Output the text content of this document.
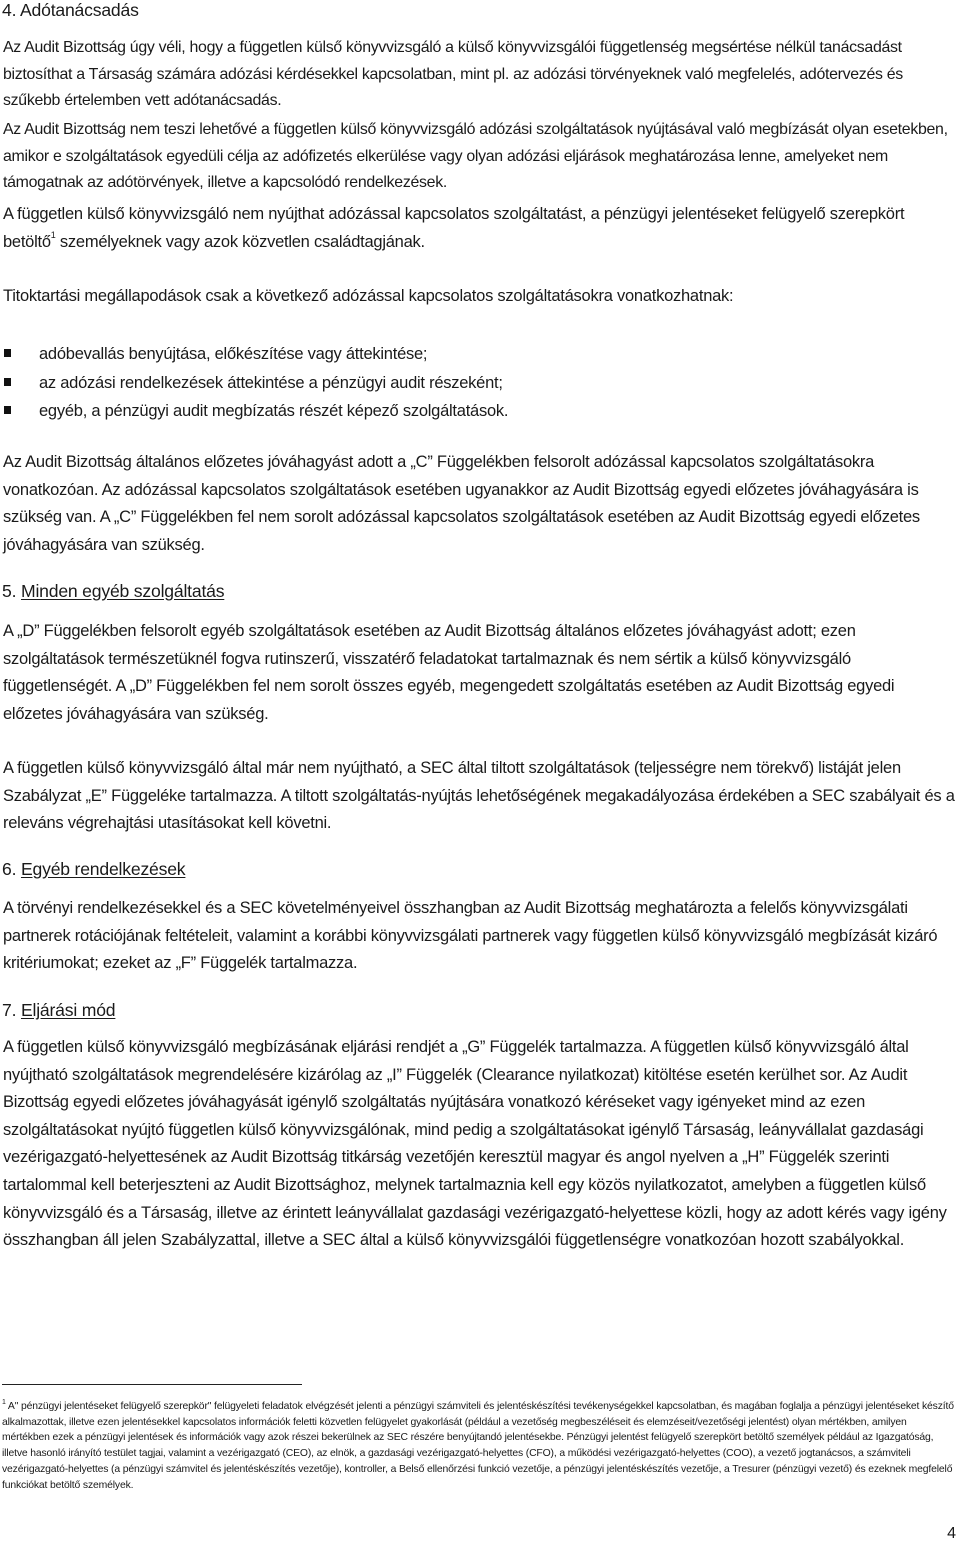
4. Adótanácsadás

Az Audit Bizottság úgy véli, hogy a független külső könyvvizsgáló a külső könyvvizsgálói függetlenség megsértése nélkül tanácsadást biztosíthat a Társaság számára adózási kérdésekkel kapcsolatban, mint pl. az adózási törvényeknek való megfelelés, adótervezés és szűkebb értelemben vett adótanácsadás.

Az Audit Bizottság nem teszi lehetővé a független külső könyvvizsgáló adózási szolgáltatások nyújtásával való megbízását olyan esetekben, amikor e szolgáltatások egyedüli célja az adófizetés elkerülése vagy olyan adózási eljárások meghatározása lenne, amelyeket nem támogatnak az adótörvények, illetve a kapcsolódó rendelkezések.

A független külső könyvvizsgáló nem nyújthat adózással kapcsolatos szolgáltatást, a pénzügyi jelentéseket felügyelő szerepkört betöltő$^1$ személyeknek vagy azok közvetlen családtagjának.

Titoktartási megállapodások csak a következő adózással kapcsolatos szolgáltatásokra vonatkozhatnak:

adóbevallás benyújtása, előkészítése vagy áttekintése;
az adózási rendelkezések áttekintése a pénzügyi audit részeként;
egyéb, a pénzügyi audit megbízatás részét képező szolgáltatások.

Az Audit Bizottság általános előzetes jóváhagyást adott a „C” Függelékben felsorolt adózással kapcsolatos szolgáltatásokra vonatkozóan. Az adózással kapcsolatos szolgáltatások esetében ugyanakkor az Audit Bizottság egyedi előzetes jóváhagyására is szükség van. A „C” Függelékben fel nem sorolt adózással kapcsolatos szolgáltatások esetében az Audit Bizottság egyedi előzetes jóváhagyására van szükség.

5. Minden egyéb szolgáltatás

A „D” Függelékben felsorolt egyéb szolgáltatások esetében az Audit Bizottság általános előzetes jóváhagyást adott; ezen szolgáltatások természetüknél fogva rutinszerű, visszatérő feladatokat tartalmaznak és nem sértik a külső könyvvizsgáló függetlenségét. A „D” Függelékben fel nem sorolt összes egyéb, megengedett szolgáltatás esetében az Audit Bizottság egyedi előzetes jóváhagyására van szükség.

A független külső könyvvizsgáló által már nem nyújtható, a SEC által tiltott szolgáltatások (teljességre nem törekvő) listáját jelen Szabályzat „E” Függeléke tartalmazza. A tiltott szolgáltatás-nyújtás lehetőségének megakadályozása érdekében a SEC szabályait és a releváns végrehajtási utasításokat kell követni.

6. Egyéb rendelkezések

A törvényi rendelkezésekkel és a SEC követelményeivel összhangban az Audit Bizottság meghatározta a felelős könyvvizsgálati partnerek rotációjának feltételeit, valamint a korábbi könyvvizsgálati partnerek vagy független külső könyvvizsgáló megbízását kizáró kritériumokat; ezeket az „F” Függelék tartalmazza.

7. Eljárási mód

A független külső könyvvizsgáló megbízásának eljárási rendjét a „G” Függelék tartalmazza. A független külső könyvvizsgáló által nyújtható szolgáltatások megrendelésére kizárólag az „I” Függelék (Clearance nyilatkozat) kitöltése esetén kerülhet sor. Az Audit Bizottság egyedi előzetes jóváhagyását igénylő szolgáltatás nyújtására vonatkozó kéréseket vagy igényeket mind az ezen szolgáltatásokat nyújtó független külső könyvvizsgálónak, mind pedig a szolgáltatásokat igénylő Társaság, leányvállalat gazdasági vezérigazgató-helyettesének az Audit Bizottság titkárság vezetőjén keresztül magyar és angol nyelven a „H” Függelék szerinti tartalommal kell beterjeszteni az Audit Bizottsághoz, melynek tartalmaznia kell egy közös nyilatkozatot, amelyben a független külső könyvvizsgáló és a Társaság, illetve az érintett leányvállalat gazdasági vezérigazgató-helyettese közli, hogy az adott kérés vagy igény összhangban áll jelen Szabályzattal, illetve a SEC által a külső könyvvizsgálói függetlenségre vonatkozóan hozott szabályokkal.

$^1$ A" pénzügyi jelentéseket felügyelő szerepkör" felügyeleti feladatok elvégzését jelenti a pénzügyi számviteli és jelentéskészítési tevékenységekkel kapcsolatban, és magában foglalja a pénzügyi jelentéseket készítő alkalmazottak, illetve ezen jelentésekkel kapcsolatos információk feletti közvetlen felügyelet gyakorlását (például a vezetőség megbeszéléseit és elemzéseit/vezetőségi jelentést) olyan mértékben, amilyen mértékben ezek a pénzügyi jelentések és információk vagy azok részei bekerülnek az SEC részére benyújtandó jelentésekbe. Pénzügyi jelentést felügyelő szerepkört betöltő személyek például az Igazgatóság, illetve hasonló irányító testület tagjai, valamint a vezérigazgató (CEO), az elnök, a gazdasági vezérigazgató-helyettes (CFO), a működési vezérigazgató-helyettes (COO), a vezető jogtanácsos, a számviteli vezérigazgató-helyettes (a pénzügyi számvitel és jelentéskészítés vezetője), kontroller, a Belső ellenőrzési funkció vezetője, a pénzügyi jelentéskészítés vezetője, a Tresurer (pénzügyi vezető) és ezeknek megfelelő funkciókat betöltő személyek.

4
